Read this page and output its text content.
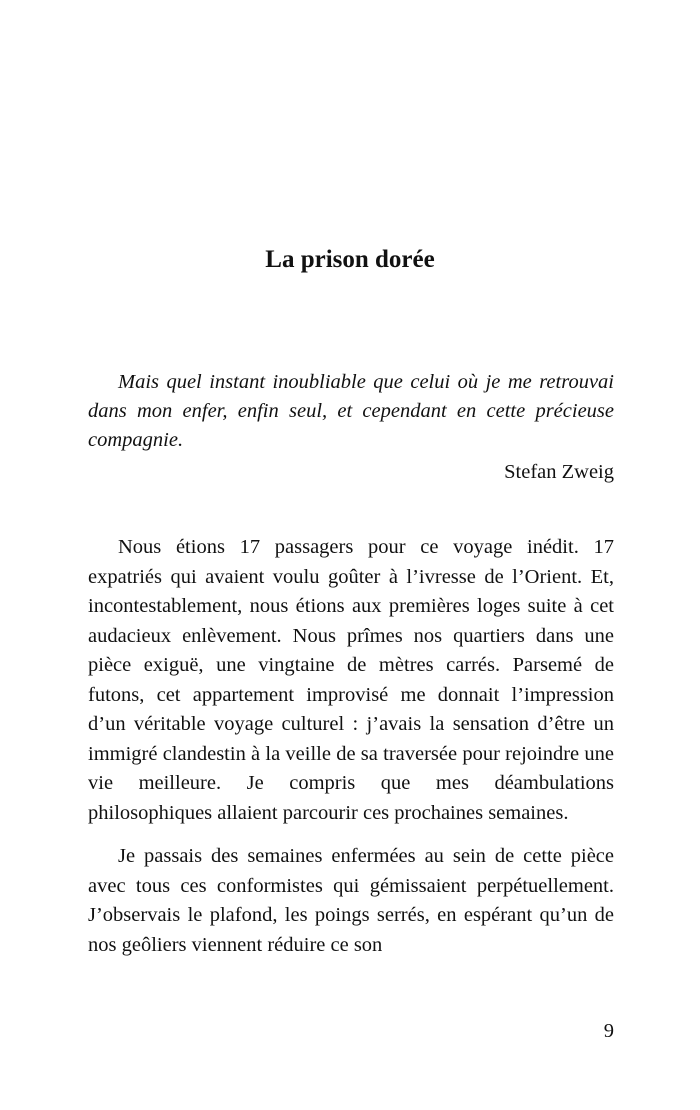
La prison dorée

Mais quel instant inoubliable que celui où je me retrouvai dans mon enfer, enfin seul, et cependant en cette précieuse compagnie.

Stefan Zweig

Nous étions 17 passagers pour ce voyage inédit. 17 expatriés qui avaient voulu goûter à l’ivresse de l’Orient. Et, incontestablement, nous étions aux premières loges suite à cet audacieux enlèvement. Nous prîmes nos quartiers dans une pièce exiguë, une vingtaine de mètres carrés. Parsemé de futons, cet appartement improvisé me donnait l’impression d’un véritable voyage culturel : j’avais la sensation d’être un immigré clandestin à la veille de sa traversée pour rejoindre une vie meilleure. Je compris que mes déambulations philosophiques allaient parcourir ces prochaines semaines.

Je passais des semaines enfermées au sein de cette pièce avec tous ces conformistes qui gémissaient perpétuellement. J’observais le plafond, les poings serrés, en espérant qu’un de nos geôliers viennent réduire ce son

9
